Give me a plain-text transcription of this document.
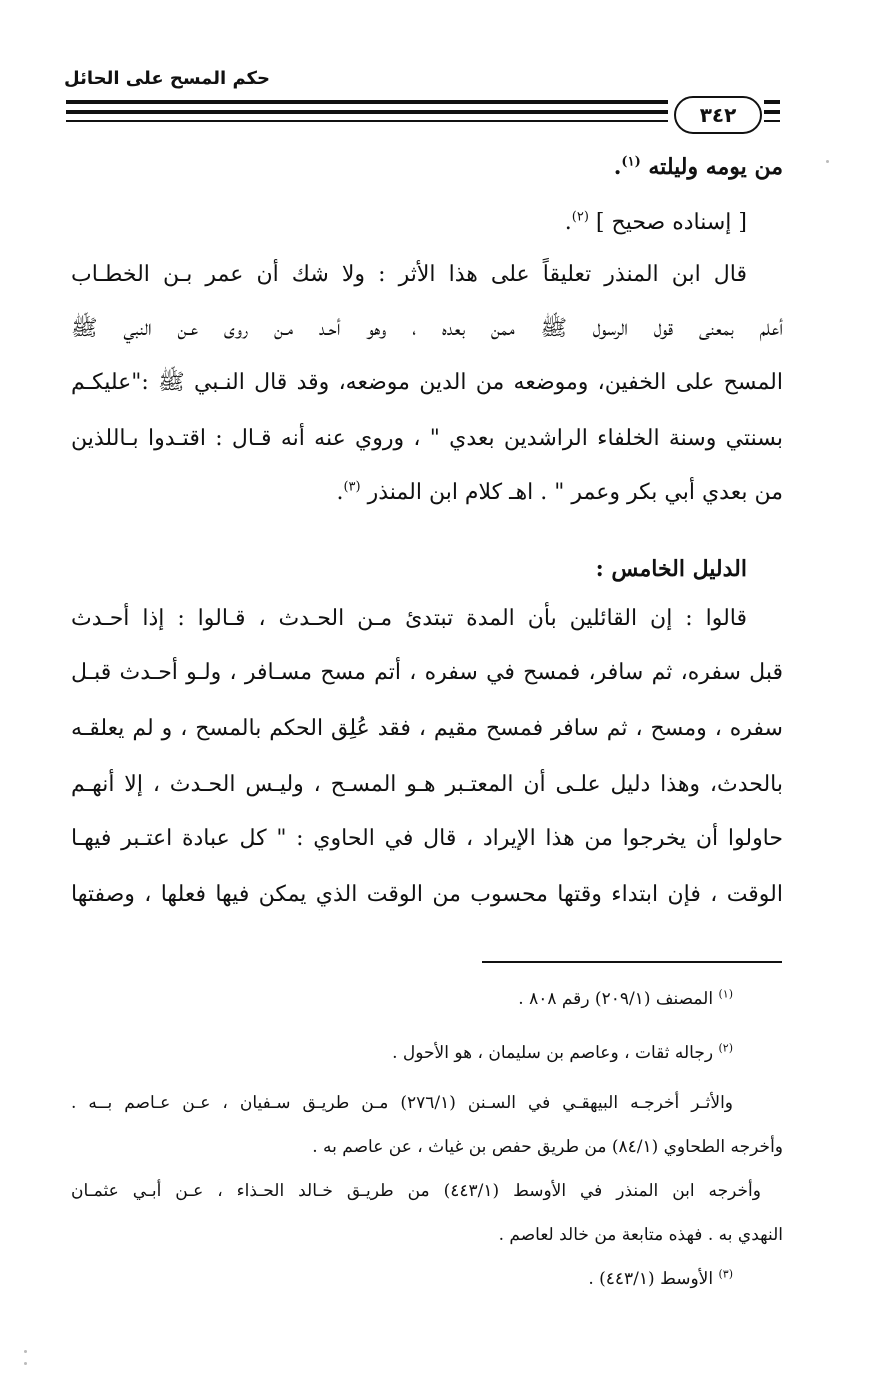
حكم المسح على الحائل
٣٤٢
من يومه وليلته $^{(١)}$.
[ إسناده صحيح ] $^{(٢)}$.
قال ابن المنذر تعليقاً على هذا الأثر : ولا شك أن عمر بـن الخطـاب
أعلم بمعنى قول الرسول ﷺ ممن بعده ، وهو أحـد مـن روى عـن النبي ﷺ
المسح على الخفين، وموضعه من الدين موضعه، وقد قال النـبي ﷺ :"عليكـم
بسنتي وسنة الخلفاء الراشدين بعدي " ، وروي عنه أنه قـال : اقتـدوا بـاللذين
من بعدي أبي بكر وعمر " . اهـ كلام ابن المنذر $^{(٣)}$.
الدليل الخامس :
قالوا : إن القائلين بأن المدة تبتدئ مـن الحـدث ، قـالوا : إذا أحـدث
قبل سفره، ثم سافر، فمسح في سفره ، أتم مسح مسـافر ، ولـو أحـدث قبـل
سفره ، ومسح ، ثم سافر فمسح مقيم ، فقد عُلِق الحكم بالمسح ، و لم يعلقـه
بالحدث، وهذا دليل علـى أن المعتـبر هـو المسـح ، وليـس الحـدث ، إلا أنهـم
حاولوا أن يخرجوا من هذا الإيراد ، قال في الحاوي : " كل عبادة اعتـبر فيهـا
الوقت ، فإن ابتداء وقتها محسوب من الوقت الذي يمكن فيها فعلها ، وصفتها
$^{(١)}$ المصنف (٢٠٩/١) رقم ٨٠٨ .
$^{(٢)}$ رجاله ثقات ، وعاصم بن سليمان ، هو الأحول .
والأثـر أخرجـه البيهقـي في السـنن (٢٧٦/١) مـن طريـق سـفيان ، عـن عـاصم بــه .
وأخرجه الطحاوي (٨٤/١) من طريق حفص بن غياث ، عن عاصم به .
وأخرجه ابن المنذر في الأوسط (٤٤٣/١) من طريـق خـالد الحـذاء ، عـن أبـي عثمـان
النهدي به . فهذه متابعة من خالد لعاصم .
$^{(٣)}$ الأوسط (٤٤٣/١) .
